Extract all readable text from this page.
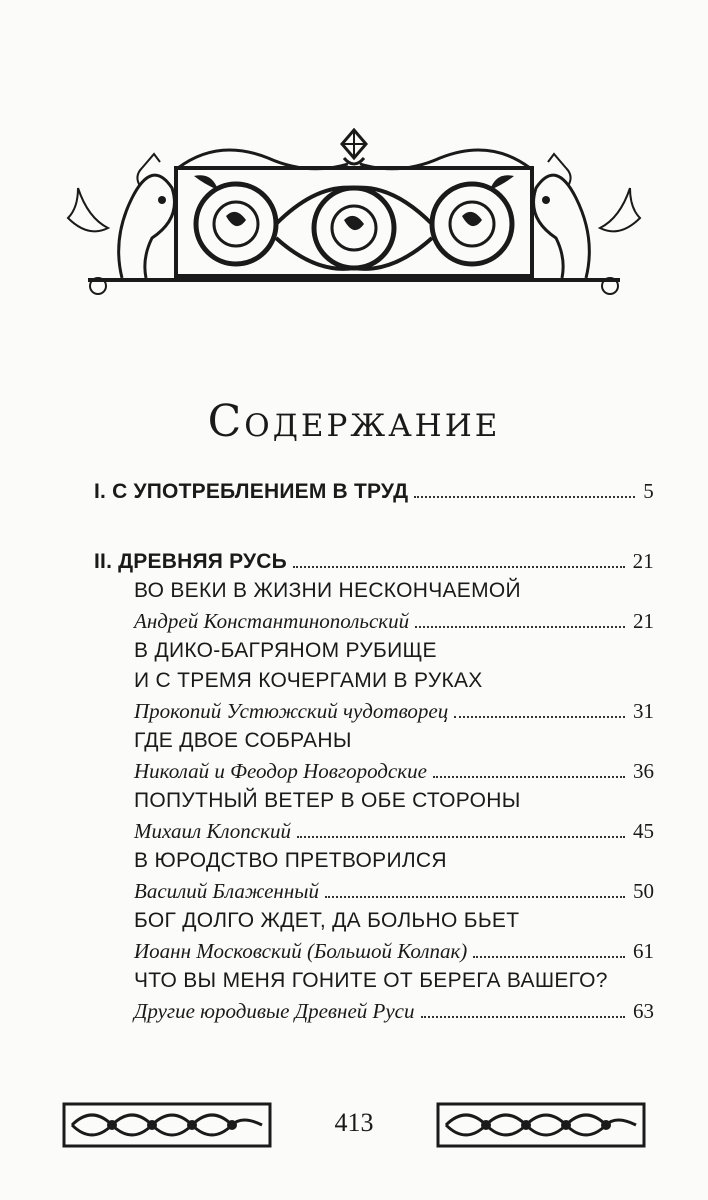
Содержание
I. С УПОТРЕБЛЕНИЕМ В ТРУД	5
II. ДРЕВНЯЯ РУСЬ	21
ВО ВЕКИ В ЖИЗНИ НЕСКОНЧАЕМОЙ
Андрей Константинопольский	21
В ДИКО-БАГРЯНОМ РУБИЩЕ
И С ТРЕМЯ КОЧЕРГАМИ В РУКАХ
Прокопий Устюжский чудотворец	31
ГДЕ ДВОЕ СОБРАНЫ
Николай и Феодор Новгородские	36
ПОПУТНЫЙ ВЕТЕР В ОБЕ СТОРОНЫ
Михаил Клопский	45
В ЮРОДСТВО ПРЕТВОРИЛСЯ
Василий Блаженный	50
БОГ ДОЛГО ЖДЕТ, ДА БОЛЬНО БЬЕТ
Иоанн Московский (Большой Колпак)	61
ЧТО ВЫ МЕНЯ ГОНИТЕ ОТ БЕРЕГА ВАШЕГО?
Другие юродивые Древней Руси	63
413
